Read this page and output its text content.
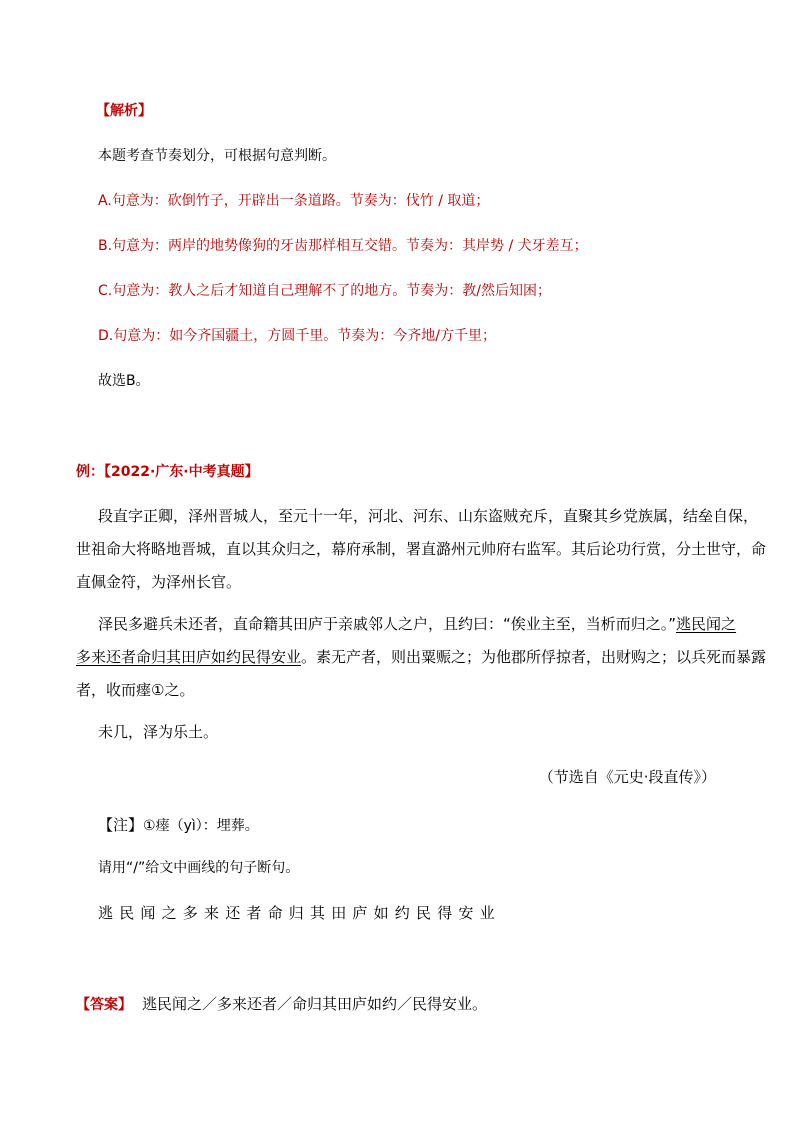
【解析】
本题考查节奏划分，可根据句意判断。
A.句意为：砍倒竹子，开辟出一条道路。节奏为：伐竹 / 取道；
B.句意为：两岸的地势像狗的牙齿那样相互交错。节奏为：其岸势 / 犬牙差互；
C.句意为：教人之后才知道自己理解不了的地方。节奏为：教/然后知困；
D.句意为：如今齐国疆土，方圆千里。节奏为：今齐地/方千里；
故选B。
例：【2022·广东·中考真题】
段直字正卿，泽州晋城人，至元十一年，河北、河东、山东盗贼充斥，直聚其乡党族属，结垒自保，
世祖命大将略地晋城，直以其众归之，幕府承制，署直潞州元帅府右监军。其后论功行赏，分土世守，命
直佩金符，为泽州长官。
泽民多避兵未还者，直命籍其田庐于亲戚邻人之户，且约曰：“俟业主至，当析而归之。”逃民闻之
多来还者命归其田庐如约民得安业。素无产者，则出粟赈之；为他郡所俘掠者，出财购之；以兵死而暴露
者，收而瘗①之。
未几，泽为乐土。
（节选自《元史·段直传》）
【注】①瘗（yì）：埋葬。
请用“/”给文中画线的句子断句。
逃民闻之多来还者命归其田庐如约民得安业
【答案】 逃民闻之／多来还者／命归其田庐如约／民得安业。
